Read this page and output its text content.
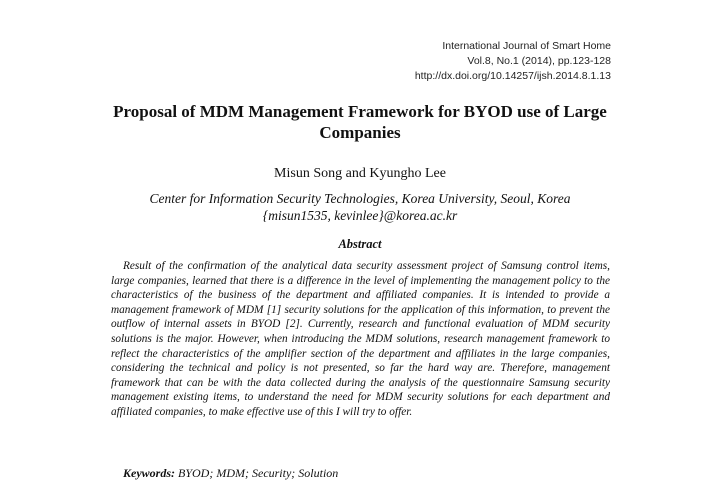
International Journal of Smart Home
Vol.8, No.1 (2014), pp.123-128
http://dx.doi.org/10.14257/ijsh.2014.8.1.13
Proposal of MDM Management Framework for BYOD use of Large
Companies
Misun Song and Kyungho Lee
Center for Information Security Technologies, Korea University, Seoul, Korea
{misun1535, kevinlee}@korea.ac.kr
Abstract

Result of the confirmation of the analytical data security assessment project of Samsung control items, large companies, learned that there is a difference in the level of implementing the management policy to the characteristics of the business of the department and affiliated companies. It is intended to provide a management framework of MDM [1] security solutions for the application of this information, to prevent the outflow of internal assets in BYOD [2]. Currently, research and functional evaluation of MDM security solutions is the major. However, when introducing the MDM solutions, research management framework to reflect the characteristics of the amplifier section of the department and affiliates in the large companies, considering the technical and policy is not presented, so far the hard way are. Therefore, management framework that can be with the data collected during the analysis of the questionnaire Samsung security management existing items, to understand the need for MDM security solutions for each department and affiliated companies, to make effective use of this I will try to offer.

Keywords: BYOD; MDM; Security; Solution
